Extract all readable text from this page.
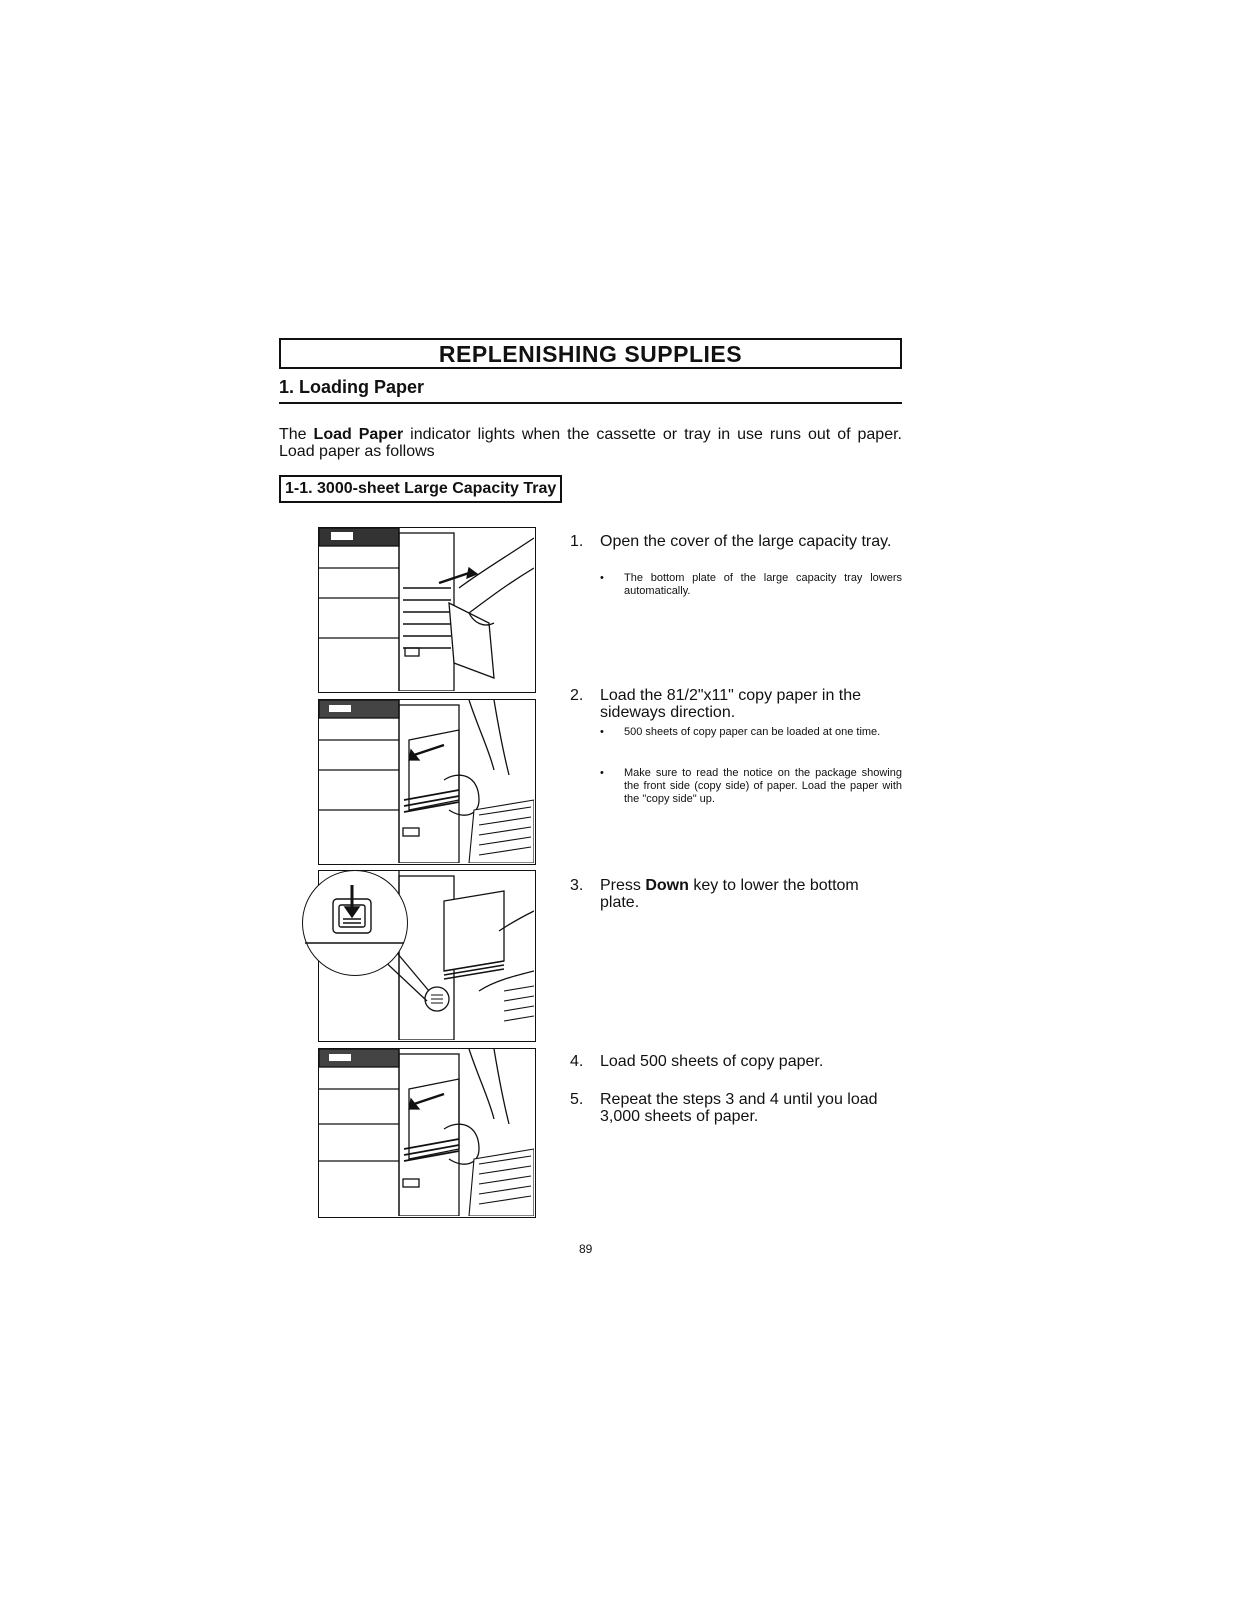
REPLENISHING SUPPLIES
1. Loading Paper
The Load Paper indicator lights when the cassette or tray in use runs out of paper. Load paper as follows
1-1. 3000-sheet Large Capacity Tray
1. Open the cover of the large capacity tray.
• The bottom plate of the large capacity tray lowers automatically.
2. Load the 81/2"x11" copy paper in the sideways direction.
• 500 sheets of copy paper can be loaded at one time.
• Make sure to read the notice on the package showing the front side (copy side) of paper. Load the paper with the "copy side" up.
3. Press Down key to lower the bottom plate.
4. Load 500 sheets of copy paper.
5. Repeat the steps 3 and 4 until you load 3,000 sheets of paper.
89
